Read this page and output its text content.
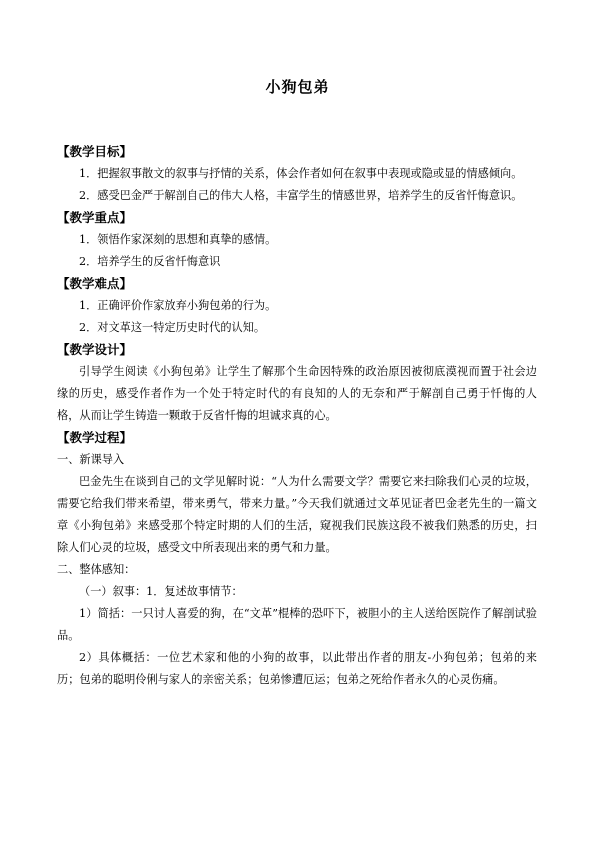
小狗包弟
【教学目标】
1．把握叙事散文的叙事与抒情的关系，体会作者如何在叙事中表现或隐或显的情感倾向。
2．感受巴金严于解剖自己的伟大人格，丰富学生的情感世界，培养学生的反省忏悔意识。
【教学重点】
1．领悟作家深刻的思想和真挚的感情。
2．培养学生的反省忏悔意识
【教学难点】
1．正确评价作家放弃小狗包弟的行为。
2．对文革这一特定历史时代的认知。
【教学设计】
引导学生阅读《小狗包弟》让学生了解那个生命因特殊的政治原因被彻底漠视而置于社会边缘的历史，感受作者作为一个处于特定时代的有良知的人的无奈和严于解剖自己勇于忏悔的人格，从而让学生铸造一颗敢于反省忏悔的坦诚求真的心。
【教学过程】
一、新课导入
巴金先生在谈到自己的文学见解时说：“人为什么需要文学？需要它来扫除我们心灵的垃圾，需要它给我们带来希望，带来勇气，带来力量。”今天我们就通过文革见证者巴金老先生的一篇文章《小狗包弟》来感受那个特定时期的人们的生活，窥视我们民族这段不被我们熟悉的历史，扫除人们心灵的垃圾，感受文中所表现出来的勇气和力量。
二、整体感知：
（一）叙事：1．复述故事情节：
1）简括：一只讨人喜爱的狗，在“文革”棍棒的恐吓下，被胆小的主人送给医院作了解剖试验品。
2）具体概括：一位艺术家和他的小狗的故事，以此带出作者的朋友-小狗包弟；包弟的来历；包弟的聪明伶俐与家人的亲密关系；包弟惨遭厄运；包弟之死给作者永久的心灵伤痛。
